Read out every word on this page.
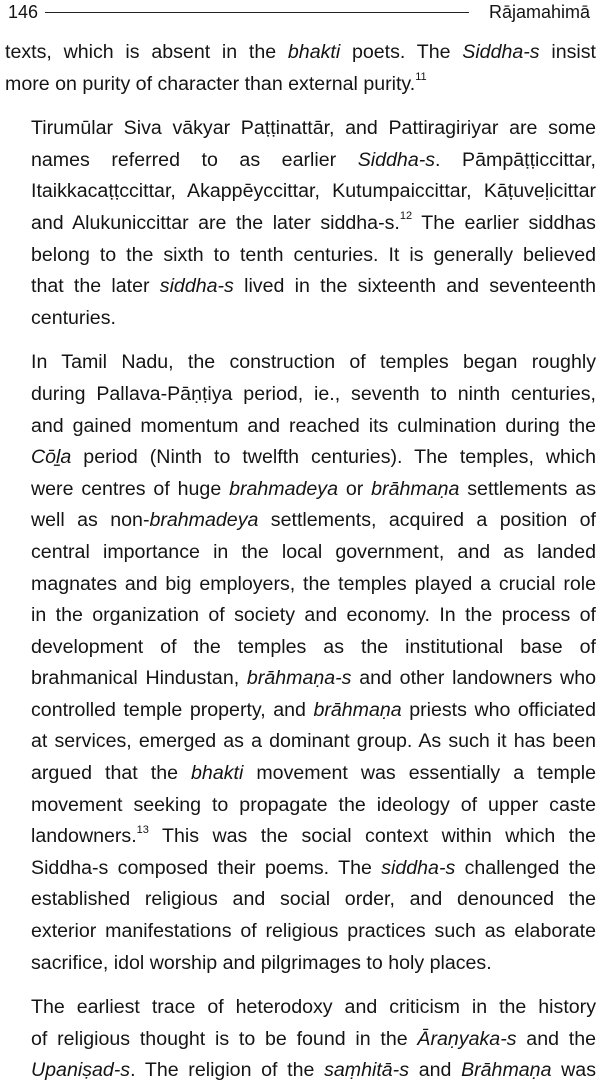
146	Rājamahimā

texts, which is absent in the bhakti poets. The Siddha-s insist
more on purity of character than external purity.$^{11}$

Tirumūlar Siva vākyar Paṭṭinattār, and Pattiragiriyar are some
names referred to as earlier Siddha-s. Pāmpāṭṭiccittar,
Itaikkacaṭṭccittar, Akappēyccittar, Kutumpaiccittar, Kāṭuveḷicittar
and Alukuniccittar are the later siddha-s.$^{12}$ The earlier siddhas
belong to the sixth to tenth centuries. It is generally believed
that the later siddha-s lived in the sixteenth and seventeenth
centuries.

In Tamil Nadu, the construction of temples began roughly
during Pallava-Pāṇṭiya period, ie., seventh to ninth centuries,
and gained momentum and reached its culmination during the
Cōḻa period (Ninth to twelfth centuries). The temples, which
were centres of huge brahmadeya or brāhmaṇa settlements as
well as non-brahmadeya settlements, acquired a position of
central importance in the local government, and as landed
magnates and big employers, the temples played a crucial role
in the organization of society and economy. In the process of
development of the temples as the institutional base of
brahmanical Hindustan, brāhmaṇa-s and other landowners who
controlled temple property, and brāhmaṇa priests who officiated
at services, emerged as a dominant group. As such it has been
argued that the bhakti movement was essentially a temple
movement seeking to propagate the ideology of upper caste
landowners.$^{13}$ This was the social context within which the
Siddha-s composed their poems. The siddha-s challenged the
established religious and social order, and denounced the
exterior manifestations of religious practices such as elaborate
sacrifice, idol worship and pilgrimages to holy places.

The earliest trace of heterodoxy and criticism in the history
of religious thought is to be found in the Āraṇyaka-s and the
Upaniṣad-s. The religion of the saṃhitā-s and Brāhmaṇa was
